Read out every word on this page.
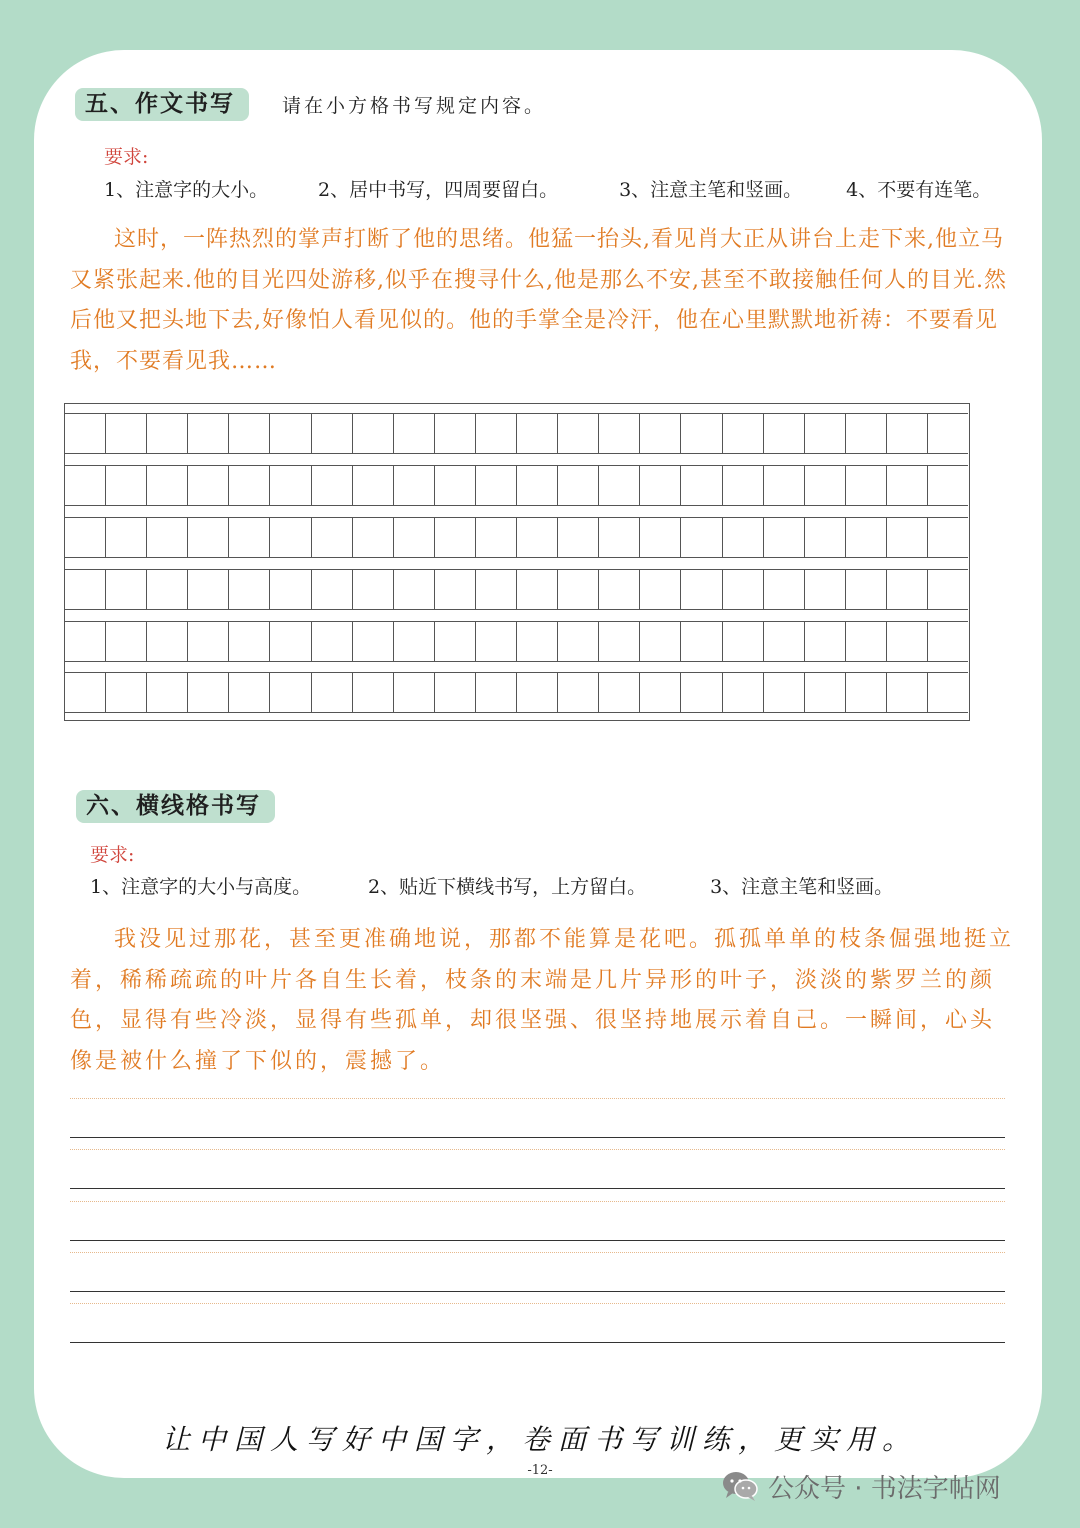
五、作文书写	请在小方格书写规定内容。
要求:
1、注意字的大小。	2、居中书写，四周要留白。	3、注意主笔和竖画。 4、不要有连笔。

这时，一阵热烈的掌声打断了他的思绪。他猛一抬头,看见肖大正从讲台上走下来,他立马又紧张起来.他的目光四处游移,似乎在搜寻什么,他是那么不安,甚至不敢接触任何人的目光.然后他又把头地下去,好像怕人看见似的。他的手掌全是冷汗，他在心里默默地祈祷：不要看见我，不要看见我……

六、横线格书写
要求:
1、注意字的大小与高度。	2、贴近下横线书写，上方留白。	3、注意主笔和竖画。

我没见过那花，甚至更准确地说，那都不能算是花吧。孤孤单单的枝条倔强地挺立着，稀稀疏疏的叶片各自生长着，枝条的末端是几片异形的叶子，淡淡的紫罗兰的颜色，显得有些冷淡，显得有些孤单，却很坚强、很坚持地展示着自己。一瞬间，心头像是被什么撞了下似的，震撼了。

让中国人写好中国字，卷面书写训练，更实用。
-12-
公众号 · 书法字帖网
